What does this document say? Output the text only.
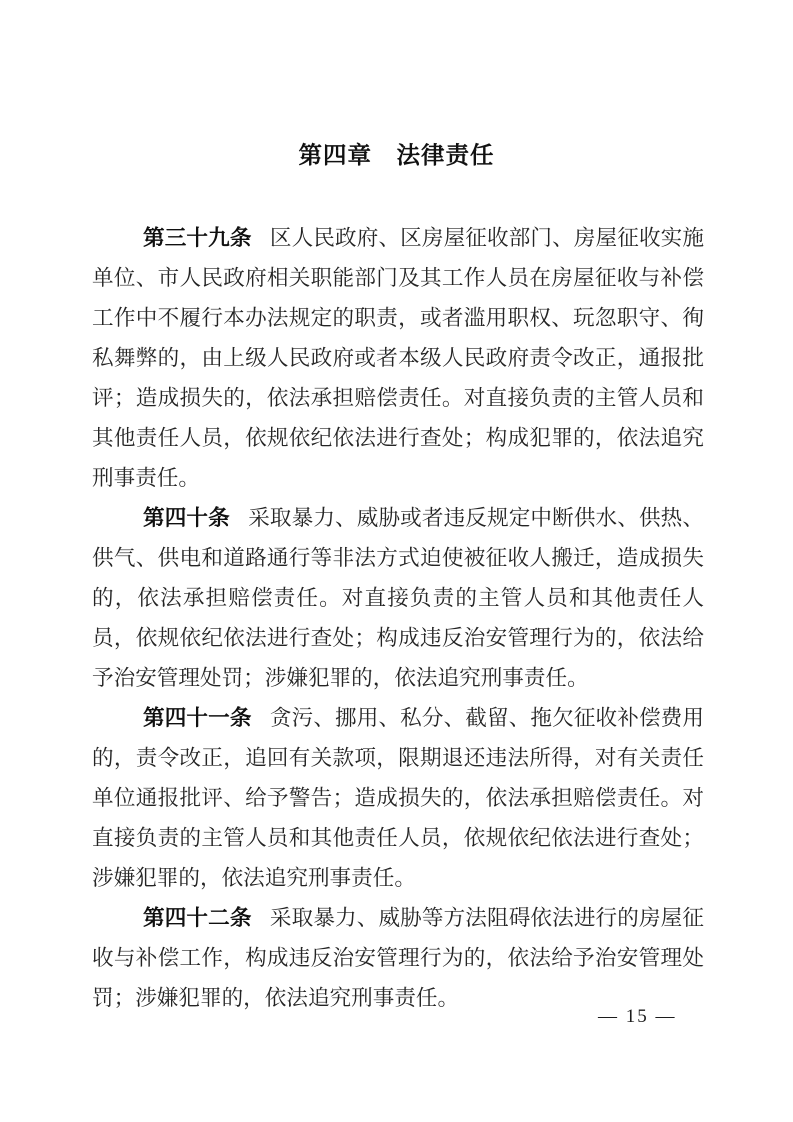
第四章　法律责任

第三十九条 区人民政府、区房屋征收部门、房屋征收实施单位、市人民政府相关职能部门及其工作人员在房屋征收与补偿工作中不履行本办法规定的职责，或者滥用职权、玩忽职守、徇私舞弊的，由上级人民政府或者本级人民政府责令改正，通报批评；造成损失的，依法承担赔偿责任。对直接负责的主管人员和其他责任人员，依规依纪依法进行查处；构成犯罪的，依法追究刑事责任。

第四十条 采取暴力、威胁或者违反规定中断供水、供热、供气、供电和道路通行等非法方式迫使被征收人搬迁，造成损失的，依法承担赔偿责任。对直接负责的主管人员和其他责任人员，依规依纪依法进行查处；构成违反治安管理行为的，依法给予治安管理处罚；涉嫌犯罪的，依法追究刑事责任。

第四十一条 贪污、挪用、私分、截留、拖欠征收补偿费用的，责令改正，追回有关款项，限期退还违法所得，对有关责任单位通报批评、给予警告；造成损失的，依法承担赔偿责任。对直接负责的主管人员和其他责任人员，依规依纪依法进行查处；涉嫌犯罪的，依法追究刑事责任。

第四十二条 采取暴力、威胁等方法阻碍依法进行的房屋征收与补偿工作，构成违反治安管理行为的，依法给予治安管理处罚；涉嫌犯罪的，依法追究刑事责任。

— 15 —
